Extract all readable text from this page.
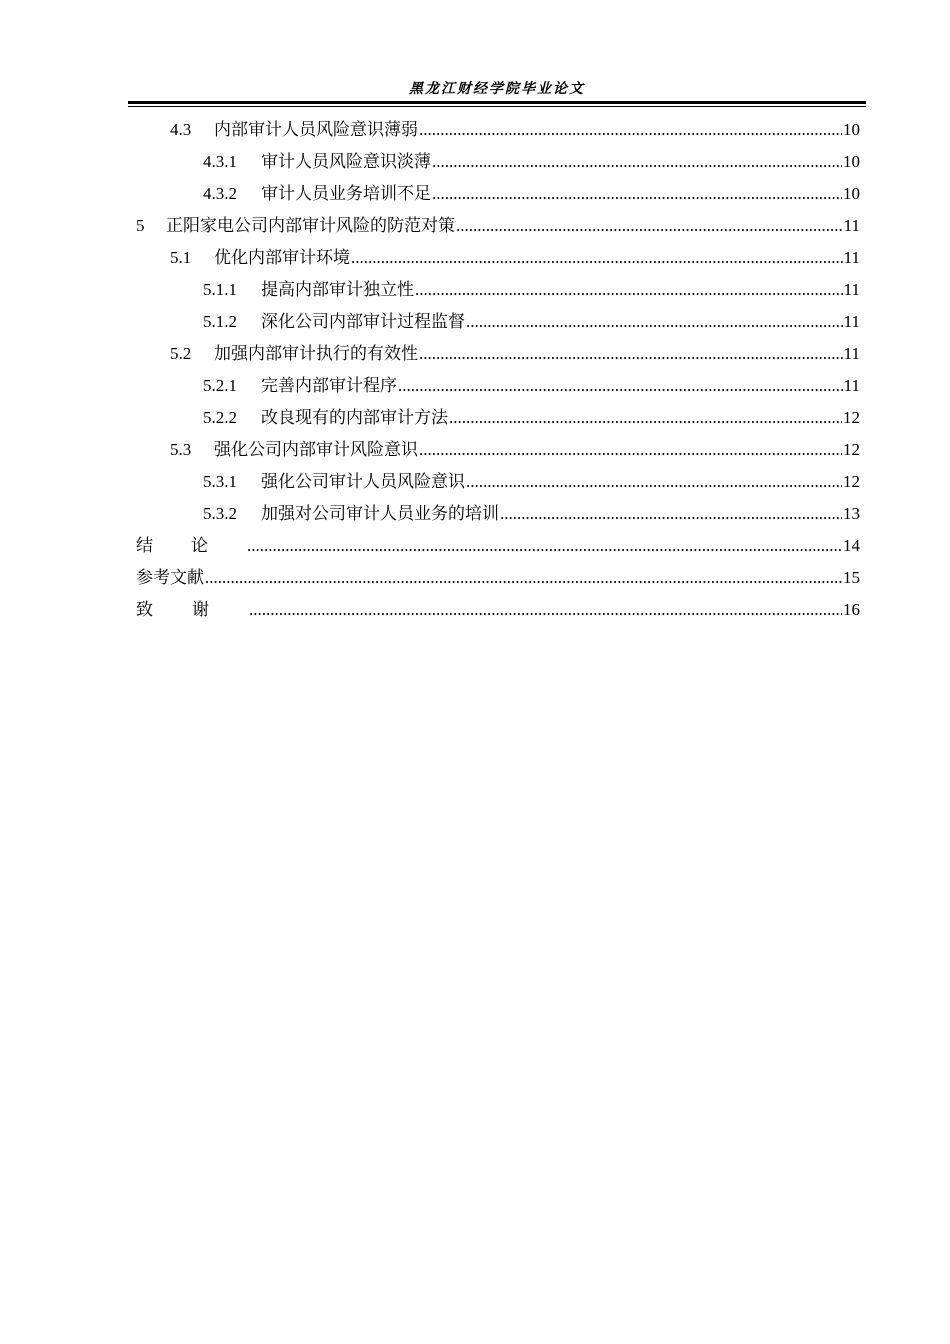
黑龙江财经学院毕业论文
4.3	内部审计人员风险意识薄弱 .....	10
4.3.1	审计人员风险意识淡薄 .....	10
4.3.2	审计人员业务培训不足 .....	10
5	正阳家电公司内部审计风险的防范对策 .....	11
5.1	优化内部审计环境 .....	11
5.1.1	提高内部审计独立性 .....	11
5.1.2	深化公司内部审计过程监督 .....	11
5.2	加强内部审计执行的有效性 .....	11
5.2.1	完善内部审计程序 .....	11
5.2.2	改良现有的内部审计方法 .....	12
5.3	强化公司内部审计风险意识 .....	12
5.3.1	强化公司审计人员风险意识 .....	12
5.3.2	加强对公司审计人员业务的培训 .....	13
结论 .....	14
参考文献 .....	15
致谢 .....	16
